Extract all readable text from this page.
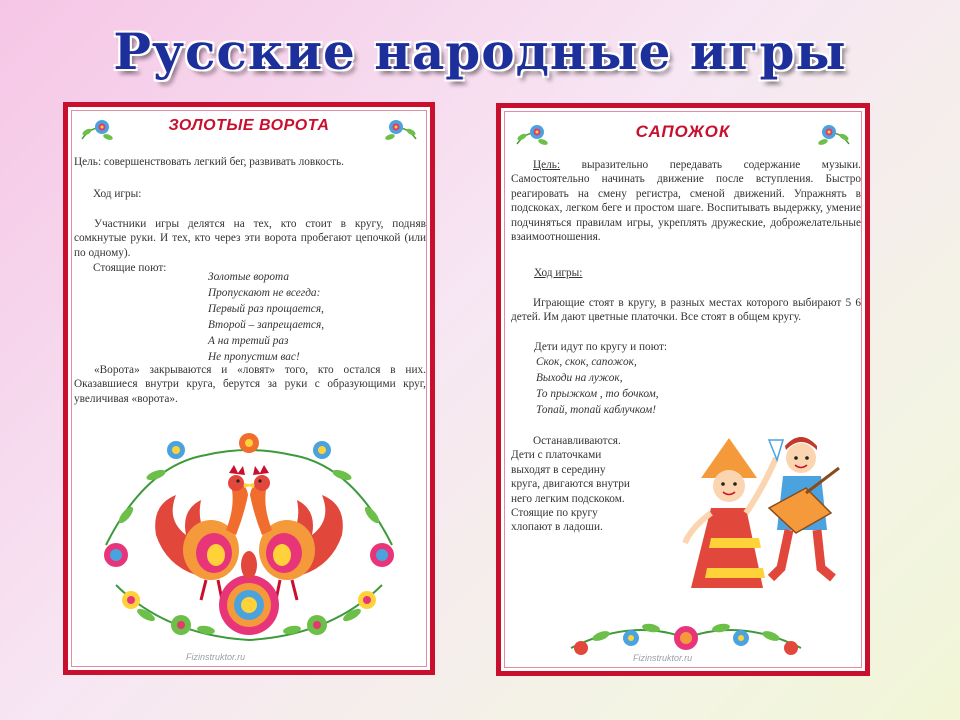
Русские народные игры
ЗОЛОТЫЕ ВОРОТА
Цель: совершенствовать легкий бег, развивать ловкость.
Ход игры:
Участники игры делятся на тех, кто стоит в кругу, подняв сомкнутые руки. И тех, кто через эти ворота пробегают цепочкой (или по одному).
Стоящие поют:
Золотые ворота
Пропускают не всегда:
Первый раз прощается,
Второй – запрещается,
А на третий раз
Не пропустим вас!
«Ворота» закрываются и «ловят» того, кто остался в них. Оказавшиеся внутри круга, берутся за руки с образующими круг, увеличивая «ворота».
Fizinstruktor.ru
САПОЖОК
Цель: выразительно передавать содержание музыки. Самостоятельно начинать движение после вступления. Быстро реагировать на смену регистра, сменой движений. Упражнять в подскоках, легком беге и простом шаге. Воспитывать выдержку, умение подчиняться правилам игры, укреплять дружеские, доброжелательные взаимоотношения.
Ход игры:
Играющие стоят в кругу, в разных местах которого выбирают 5 6 детей. Им дают цветные платочки. Все стоят в общем кругу.
Дети идут по кругу и поют:
Скок, скок, сапожок,
Выходи на лужок,
То прыжком , то бочком,
Топай, топай каблучком!
Останавливаются.
Дети с платочками
выходят в середину
круга, двигаются внутри
него легким подскоком.
Стоящие по кругу
хлопают в ладоши.
Fizinstruktor.ru
